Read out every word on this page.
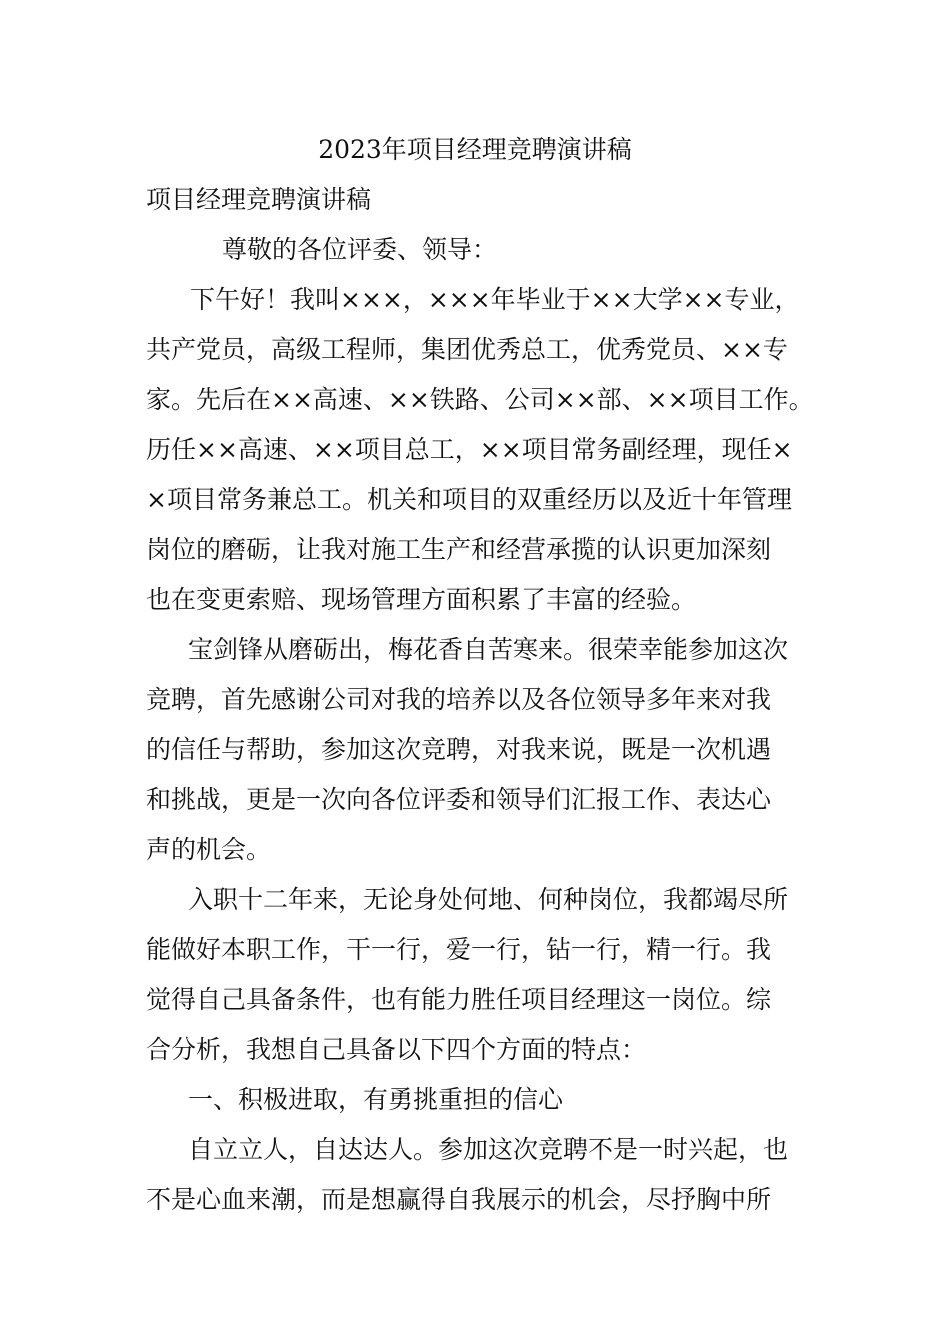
2023年项目经理竞聘演讲稿
项目经理竞聘演讲稿
尊敬的各位评委、领导：
下午好！我叫×××，×××年毕业于××大学××专业，
共产党员，高级工程师，集团优秀总工，优秀党员、××专
家。先后在××高速、××铁路、公司××部、××项目工作。
历任××高速、××项目总工，××项目常务副经理，现任×
×项目常务兼总工。机关和项目的双重经历以及近十年管理
岗位的磨砺，让我对施工生产和经营承揽的认识更加深刻
也在变更索赔、现场管理方面积累了丰富的经验。
宝剑锋从磨砺出，梅花香自苦寒来。很荣幸能参加这次
竞聘，首先感谢公司对我的培养以及各位领导多年来对我
的信任与帮助，参加这次竞聘，对我来说，既是一次机遇
和挑战，更是一次向各位评委和领导们汇报工作、表达心
声的机会。
入职十二年来，无论身处何地、何种岗位，我都竭尽所
能做好本职工作，干一行，爱一行，钻一行，精一行。我
觉得自己具备条件，也有能力胜任项目经理这一岗位。综
合分析，我想自己具备以下四个方面的特点：
一、积极进取，有勇挑重担的信心
自立立人，自达达人。参加这次竞聘不是一时兴起，也
不是心血来潮，而是想赢得自我展示的机会，尽抒胸中所
